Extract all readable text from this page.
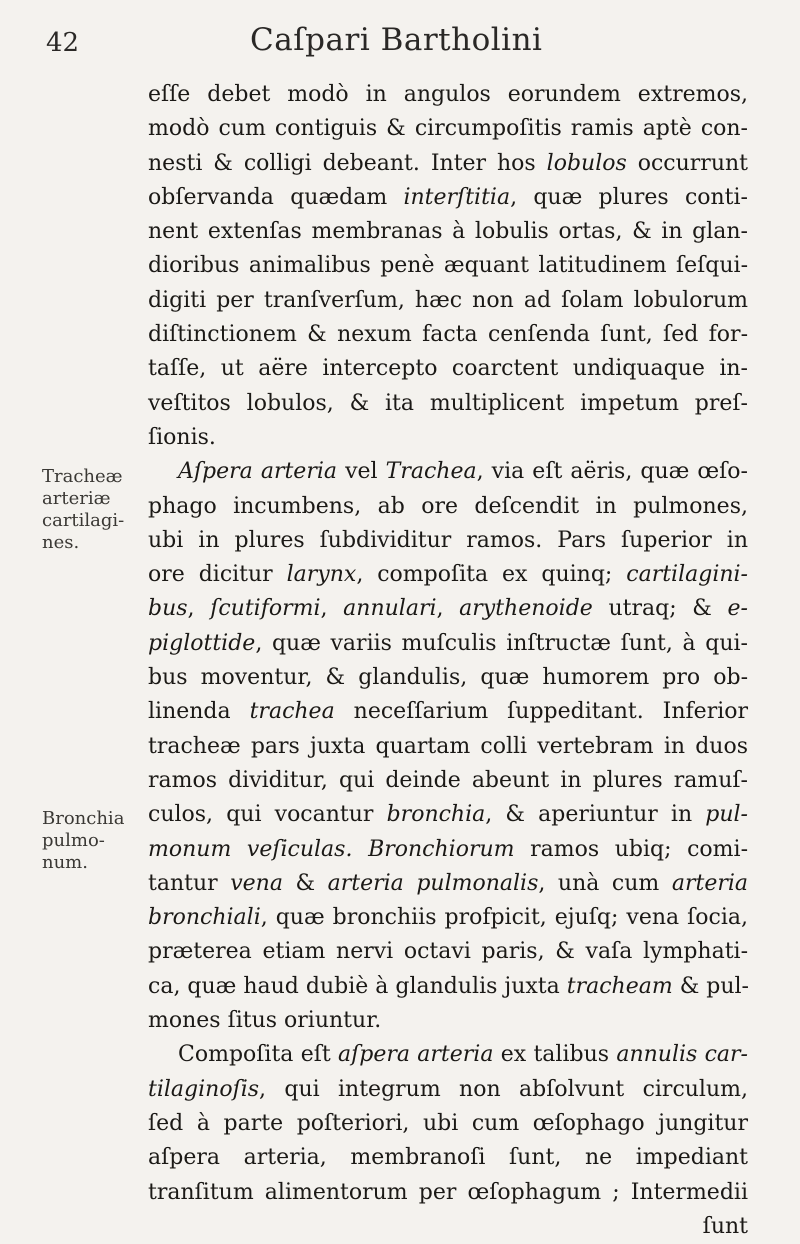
42	Caſpari Bartholini
Tracheæ
arteriæ
cartilagi-
nes.
Bronchia
pulmo-
num.
eſſe debet modò in angulos eorundem extremos,
modò cum contiguis & circumpoſitis ramis aptè con-
nesti & colligi debeant. Inter hos lobulos occurrunt
obſervanda quædam interſtitia, quæ plures conti-
nent extenſas membranas à lobulis ortas, & in glan-
dioribus animalibus penè æquant latitudinem ſeſqui-
digiti per tranſverſum, hæc non ad ſolam lobulorum
diſtinctionem & nexum facta cenſenda ſunt, ſed for-
taſſe, ut aëre intercepto coarctent undiquaque in-
veſtitos lobulos, & ita multiplicent impetum preſ-
ſionis.
Aſpera arteria vel Trachea, via eſt aëris, quæ œſo-
phago incumbens, ab ore deſcendit in pulmones,
ubi in plures ſubdividitur ramos. Pars ſuperior in
ore dicitur larynx, compoſita ex quinq; cartilagini-
bus, ſcutiformi, annulari, arythenoide utraq; & e-
piglottide, quæ variis muſculis inſtructæ ſunt, à qui-
bus moventur, & glandulis, quæ humorem pro ob-
linenda trachea neceſſarium ſuppeditant. Inferior
tracheæ pars juxta quartam colli vertebram in duos
ramos dividitur, qui deinde abeunt in plures ramuſ-
culos, qui vocantur bronchia, & aperiuntur in pul-
monum veſiculas. Bronchiorum ramos ubiq; comi-
tantur vena & arteria pulmonalis, unà cum arteria
bronchiali, quæ bronchiis profpicit, ejuſq; vena ſocia,
præterea etiam nervi octavi paris, & vaſa lymphati-
ca, quæ haud dubiè à glandulis juxta tracheam & pul-
mones ſitus oriuntur.
Compoſita eſt aſpera arteria ex talibus annulis car-
tilaginoſis, qui integrum non abſolvunt circulum,
ſed à parte poſteriori, ubi cum œſophago jungitur
aſpera arteria, membranoſi ſunt, ne impediant
tranſitum alimentorum per œſophagum ; Intermedii
ſunt
